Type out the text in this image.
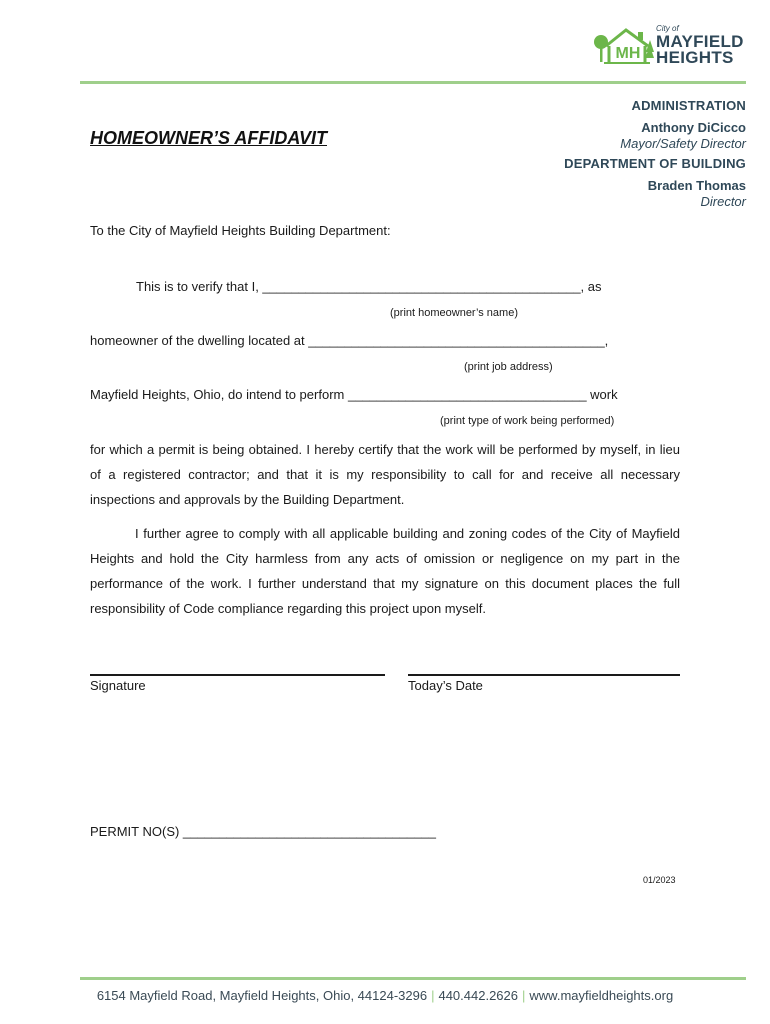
MH
City of
MAYFIELD
HEIGHTS
ADMINISTRATION
Anthony DiCicco
Mayor/Safety Director
DEPARTMENT OF BUILDING
Braden Thomas
Director
HOMEOWNER’S AFFIDAVIT
To the City of Mayfield Heights Building Department:
This is to verify that I, ____________________________________________, as
(print homeowner’s name)
homeowner of the dwelling located at _________________________________________,
(print job address)
Mayfield Heights, Ohio, do intend to perform _________________________________ work
(print type of work being performed)
for which a permit is being obtained. I hereby certify that the work will be performed by myself, in lieu of a registered contractor; and that it is my responsibility to call for and receive all necessary inspections and approvals by the Building Department.
I further agree to comply with all applicable building and zoning codes of the City of Mayfield Heights and hold the City harmless from any acts of omission or negligence on my part in the performance of the work. I further understand that my signature on this document places the full responsibility of Code compliance regarding this project upon myself.
Signature	Today’s Date
PERMIT NO(S) ___________________________________
01/2023
6154 Mayfield Road, Mayfield Heights, Ohio, 44124-3296 | 440.442.2626 | www.mayfieldheights.org
